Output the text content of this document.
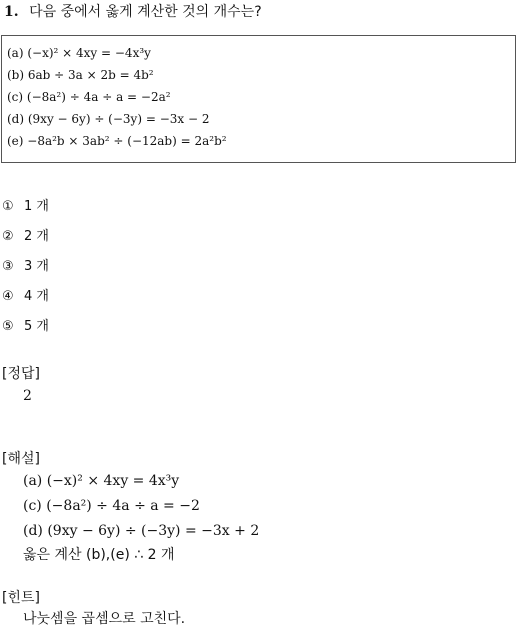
1. 다음 중에서 옳게 계산한 것의 개수는?
(a) (−x)² × 4xy = −4x³y
(b) 6ab ÷ 3a × 2b = 4b²
(c) (−8a²) ÷ 4a ÷ a = −2a²
(d) (9xy − 6y) ÷ (−3y) = −3x − 2
(e) −8a²b × 3ab² ÷ (−12ab) = 2a²b²
① 1 개
② 2 개
③ 3 개
④ 4 개
⑤ 5 개
[정답]
2
[해설]
(a) (−x)² × 4xy = 4x³y
(c) (−8a²) ÷ 4a ÷ a = −2
(d) (9xy − 6y) ÷ (−3y) = −3x + 2
옳은 계산 (b),(e) ∴ 2 개
[힌트]
나눗셈을 곱셈으로 고친다.
